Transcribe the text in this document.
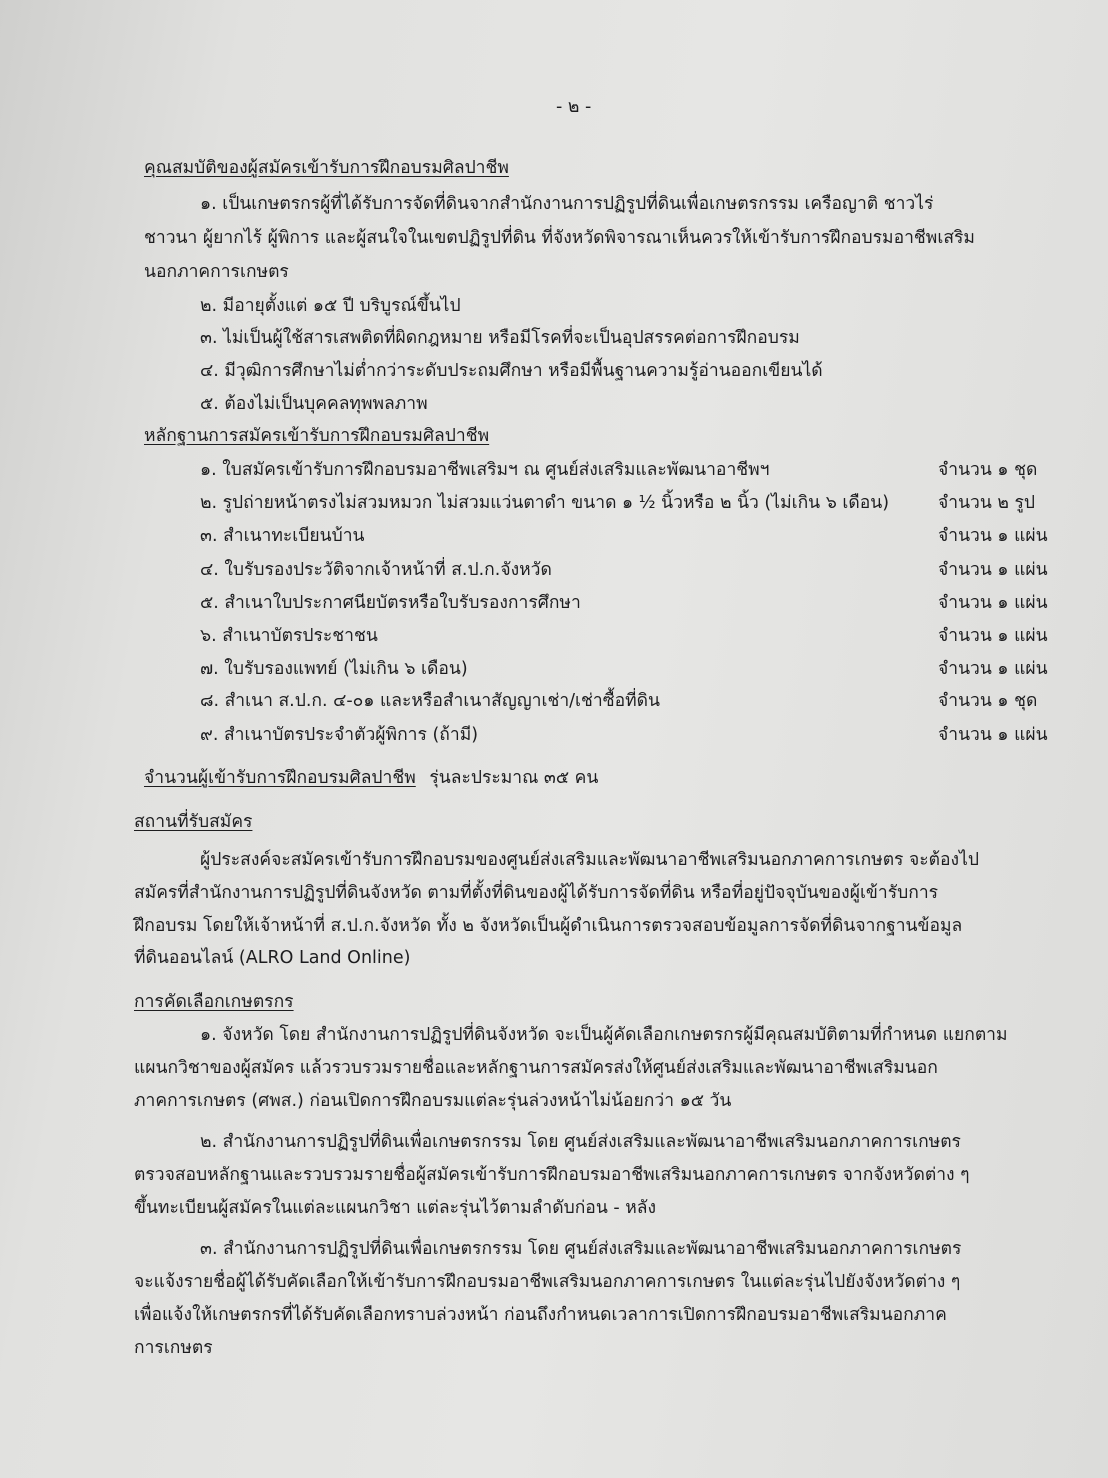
- ๒ -
คุณสมบัติของผู้สมัครเข้ารับการฝึกอบรมศิลปาชีพ
๑. เป็นเกษตรกรผู้ที่ได้รับการจัดที่ดินจากสำนักงานการปฏิรูปที่ดินเพื่อเกษตรกรรม เครือญาติ ชาวไร่
ชาวนา ผู้ยากไร้ ผู้พิการ และผู้สนใจในเขตปฏิรูปที่ดิน ที่จังหวัดพิจารณาเห็นควรให้เข้ารับการฝึกอบรมอาชีพเสริม
นอกภาคการเกษตร
๒. มีอายุตั้งแต่ ๑๕ ปี บริบูรณ์ขึ้นไป
๓. ไม่เป็นผู้ใช้สารเสพติดที่ผิดกฎหมาย หรือมีโรคที่จะเป็นอุปสรรคต่อการฝึกอบรม
๔. มีวุฒิการศึกษาไม่ต่ำกว่าระดับประถมศึกษา หรือมีพื้นฐานความรู้อ่านออกเขียนได้
๕. ต้องไม่เป็นบุคคลทุพพลภาพ
หลักฐานการสมัครเข้ารับการฝึกอบรมศิลปาชีพ
๑. ใบสมัครเข้ารับการฝึกอบรมอาชีพเสริมฯ ณ ศูนย์ส่งเสริมและพัฒนาอาชีพฯ	จำนวน ๑ ชุด
๒. รูปถ่ายหน้าตรงไม่สวมหมวก ไม่สวมแว่นตาดำ ขนาด ๑ ½ นิ้วหรือ ๒ นิ้ว (ไม่เกิน ๖ เดือน)	จำนวน ๒ รูป
๓. สำเนาทะเบียนบ้าน	จำนวน ๑ แผ่น
๔. ใบรับรองประวัติจากเจ้าหน้าที่ ส.ป.ก.จังหวัด	จำนวน ๑ แผ่น
๕. สำเนาใบประกาศนียบัตรหรือใบรับรองการศึกษา	จำนวน ๑ แผ่น
๖. สำเนาบัตรประชาชน	จำนวน ๑ แผ่น
๗. ใบรับรองแพทย์ (ไม่เกิน ๖ เดือน)	จำนวน ๑ แผ่น
๘. สำเนา ส.ป.ก. ๔-๐๑ และหรือสำเนาสัญญาเช่า/เช่าซื้อที่ดิน	จำนวน ๑ ชุด
๙. สำเนาบัตรประจำตัวผู้พิการ (ถ้ามี)	จำนวน ๑ แผ่น
จำนวนผู้เข้ารับการฝึกอบรมศิลปาชีพ รุ่นละประมาณ ๓๕ คน
สถานที่รับสมัคร
ผู้ประสงค์จะสมัครเข้ารับการฝึกอบรมของศูนย์ส่งเสริมและพัฒนาอาชีพเสริมนอกภาคการเกษตร จะต้องไป
สมัครที่สำนักงานการปฏิรูปที่ดินจังหวัด ตามที่ตั้งที่ดินของผู้ได้รับการจัดที่ดิน หรือที่อยู่ปัจจุบันของผู้เข้ารับการ
ฝึกอบรม โดยให้เจ้าหน้าที่ ส.ป.ก.จังหวัด ทั้ง ๒ จังหวัดเป็นผู้ดำเนินการตรวจสอบข้อมูลการจัดที่ดินจากฐานข้อมูล
ที่ดินออนไลน์ (ALRO Land Online)
การคัดเลือกเกษตรกร
๑. จังหวัด โดย สำนักงานการปฏิรูปที่ดินจังหวัด จะเป็นผู้คัดเลือกเกษตรกรผู้มีคุณสมบัติตามที่กำหนด แยกตาม
แผนกวิชาของผู้สมัคร แล้วรวบรวมรายชื่อและหลักฐานการสมัครส่งให้ศูนย์ส่งเสริมและพัฒนาอาชีพเสริมนอก
ภาคการเกษตร (ศพส.) ก่อนเปิดการฝึกอบรมแต่ละรุ่นล่วงหน้าไม่น้อยกว่า ๑๕ วัน
๒. สำนักงานการปฏิรูปที่ดินเพื่อเกษตรกรรม โดย ศูนย์ส่งเสริมและพัฒนาอาชีพเสริมนอกภาคการเกษตร
ตรวจสอบหลักฐานและรวบรวมรายชื่อผู้สมัครเข้ารับการฝึกอบรมอาชีพเสริมนอกภาคการเกษตร จากจังหวัดต่าง ๆ
ขึ้นทะเบียนผู้สมัครในแต่ละแผนกวิชา แต่ละรุ่นไว้ตามลำดับก่อน - หลัง
๓. สำนักงานการปฏิรูปที่ดินเพื่อเกษตรกรรม โดย ศูนย์ส่งเสริมและพัฒนาอาชีพเสริมนอกภาคการเกษตร
จะแจ้งรายชื่อผู้ได้รับคัดเลือกให้เข้ารับการฝึกอบรมอาชีพเสริมนอกภาคการเกษตร ในแต่ละรุ่นไปยังจังหวัดต่าง ๆ
เพื่อแจ้งให้เกษตรกรที่ได้รับคัดเลือกทราบล่วงหน้า ก่อนถึงกำหนดเวลาการเปิดการฝึกอบรมอาชีพเสริมนอกภาค
การเกษตร
